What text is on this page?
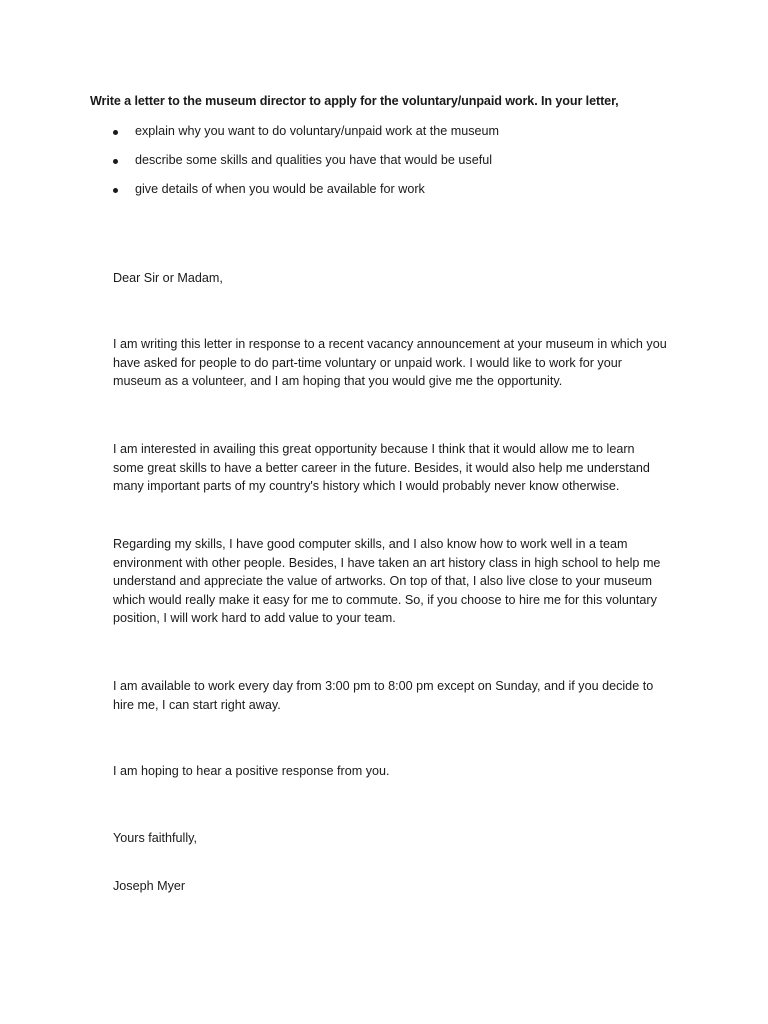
Write a letter to the museum director to apply for the voluntary/unpaid work. In your letter,

explain why you want to do voluntary/unpaid work at the museum
describe some skills and qualities you have that would be useful
give details of when you would be available for work

Dear Sir or Madam,

I am writing this letter in response to a recent vacancy announcement at your museum in which you
have asked for people to do part-time voluntary or unpaid work. I would like to work for your
museum as a volunteer, and I am hoping that you would give me the opportunity.
I am interested in availing this great opportunity because I think that it would allow me to learn
some great skills to have a better career in the future. Besides, it would also help me understand
many important parts of my country's history which I would probably never know otherwise.
Regarding my skills, I have good computer skills, and I also know how to work well in a team
environment with other people. Besides, I have taken an art history class in high school to help me
understand and appreciate the value of artworks. On top of that, I also live close to your museum
which would really make it easy for me to commute. So, if you choose to hire me for this voluntary
position, I will work hard to add value to your team.
I am available to work every day from 3:00 pm to 8:00 pm except on Sunday, and if you decide to
hire me, I can start right away.
I am hoping to hear a positive response from you.

Yours faithfully,

Joseph Myer
